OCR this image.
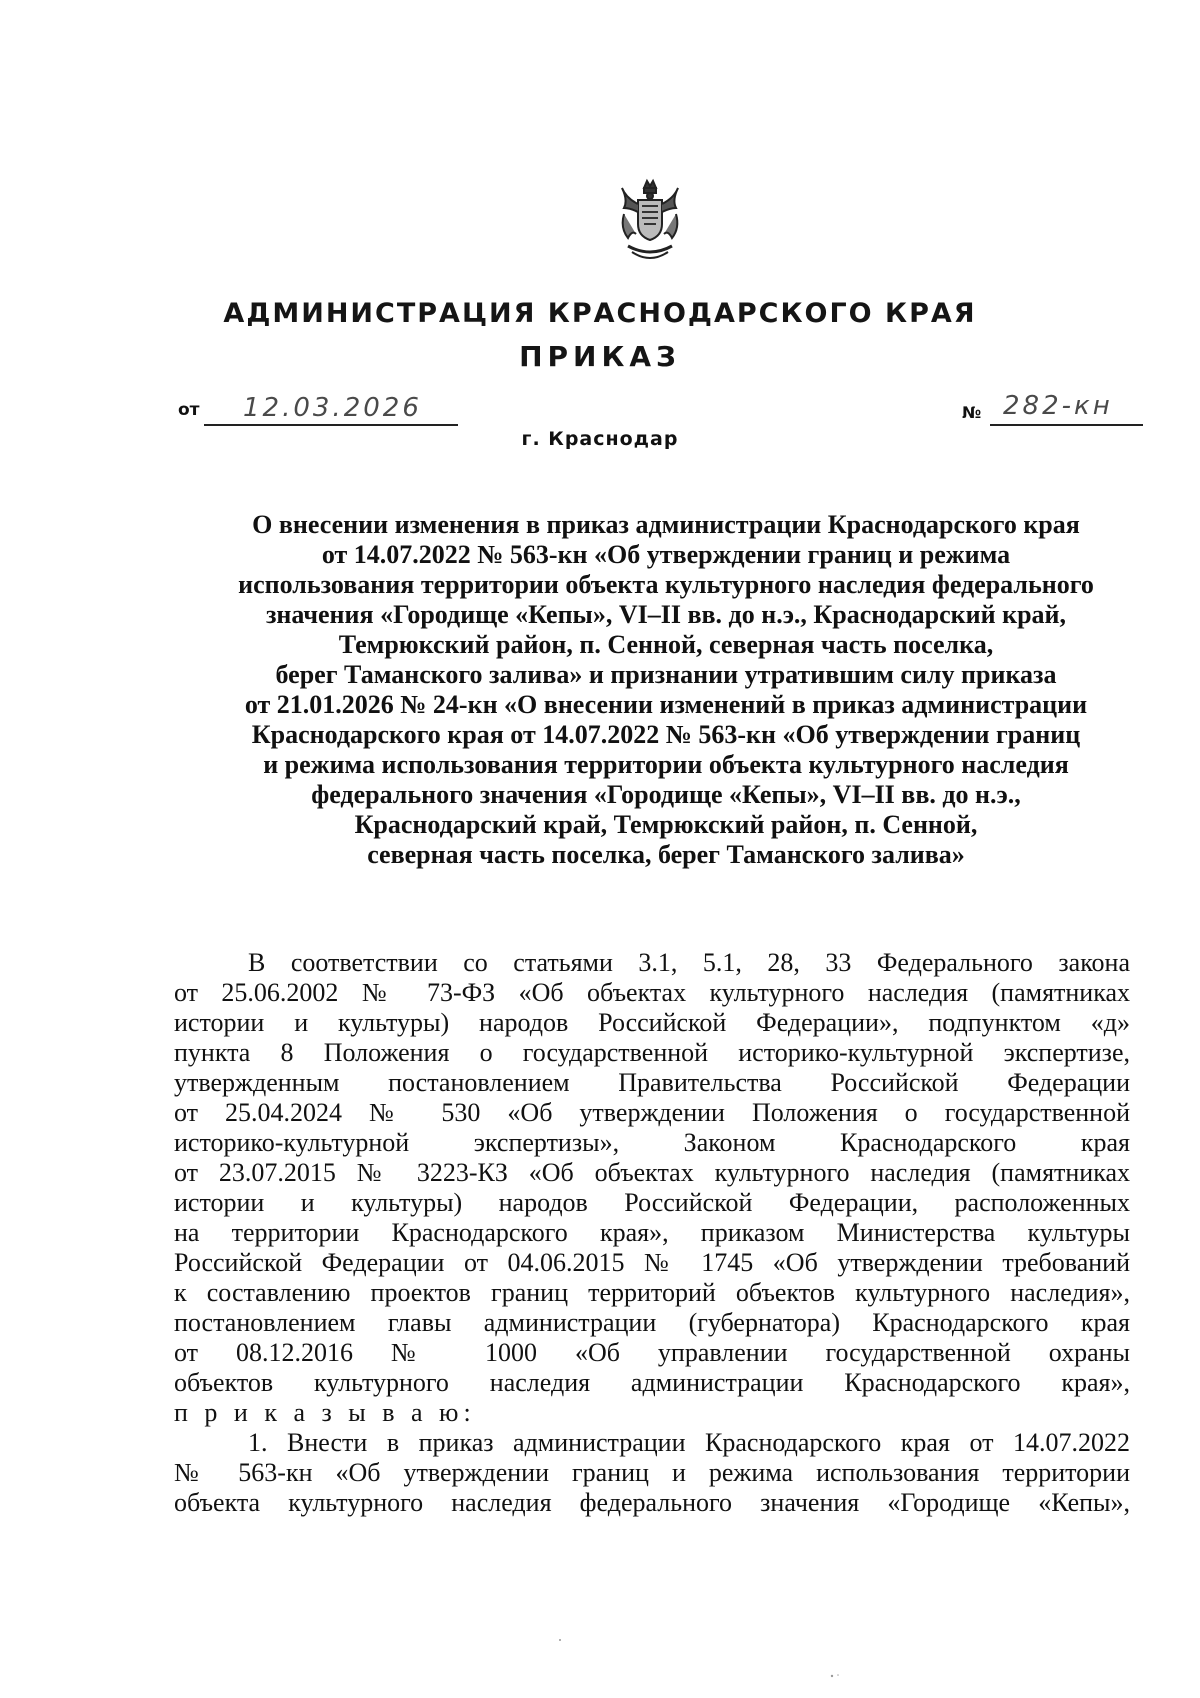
АДМИНИСТРАЦИЯ КРАСНОДАРСКОГО КРАЯ
ПРИКАЗ
от 12.03.2026	№ 282-кн
г. Краснодар
О внесении изменения в приказ администрации Краснодарского края
от 14.07.2022 № 563-кн «Об утверждении границ и режима
использования территории объекта культурного наследия федерального
значения «Городище «Кепы», VI–II вв. до н.э., Краснодарский край,
Темрюкский район, п. Сенной, северная часть поселка,
берег Таманского залива» и признании утратившим силу приказа
от 21.01.2026 № 24-кн «О внесении изменений в приказ администрации
Краснодарского края от 14.07.2022 № 563-кн «Об утверждении границ
и режима использования территории объекта культурного наследия
федерального значения «Городище «Кепы», VI–II вв. до н.э.,
Краснодарский край, Темрюкский район, п. Сенной,
северная часть поселка, берег Таманского залива»
В соответствии со статьями 3.1, 5.1, 28, 33 Федерального закона
от 25.06.2002 № 73-ФЗ «Об объектах культурного наследия (памятниках
истории и культуры) народов Российской Федерации», подпунктом «д»
пункта 8 Положения о государственной историко-культурной экспертизе,
утвержденным постановлением Правительства Российской Федерации
от 25.04.2024 № 530 «Об утверждении Положения о государственной
историко-культурной экспертизы», Законом Краснодарского края
от 23.07.2015 № 3223-КЗ «Об объектах культурного наследия (памятниках
истории и культуры) народов Российской Федерации, расположенных
на территории Краснодарского края», приказом Министерства культуры
Российской Федерации от 04.06.2015 № 1745 «Об утверждении требований
к составлению проектов границ территорий объектов культурного наследия»,
постановлением главы администрации (губернатора) Краснодарского края
от 08.12.2016 № 1000 «Об управлении государственной охраны
объектов культурного наследия администрации Краснодарского края»,
п р и к а з ы в а ю:
1. Внести в приказ администрации Краснодарского края от 14.07.2022
№ 563-кн «Об утверждении границ и режима использования территории
объекта культурного наследия федерального значения «Городище «Кепы»,
